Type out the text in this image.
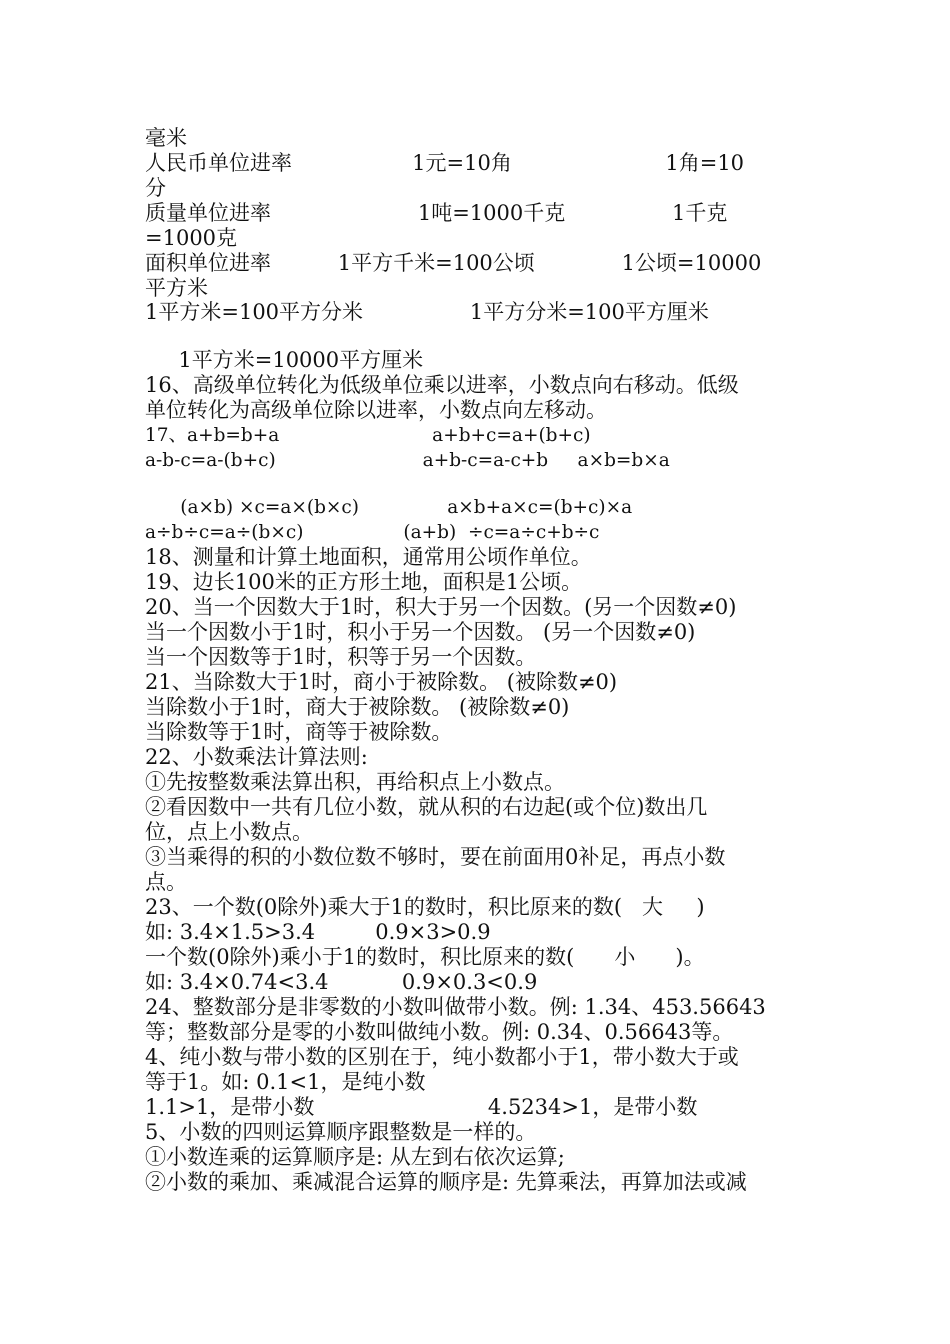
毫米
人民币单位进率                  1元=10角                       1角=10
分
质量单位进率                      1吨=1000千克                1千克
=1000克
面积单位进率          1平方千米=100公顷             1公顷=10000
平方米
1平方米=100平方分米                1平方分米=100平方厘米
1平方米=10000平方厘米
16、高级单位转化为低级单位乘以进率，小数点向右移动。低级
单位转化为高级单位除以进率，小数点向左移动。
17、a+b=b+a                          a+b+c=a+(b+c)
a-b-c=a-(b+c)                         a+b-c=a-c+b     a×b=b×a
(a×b) ×c=a×(b×c)               a×b+a×c=(b+c)×a
a÷b÷c=a÷(b×c)                 (a+b)  ÷c=a÷c+b÷c
18、测量和计算土地面积，通常用公顷作单位。
19、边长100米的正方形土地，面积是1公顷。
20、当一个因数大于1时，积大于另一个因数。(另一个因数≠0)
当一个因数小于1时，积小于另一个因数。 (另一个因数≠0)
当一个因数等于1时，积等于另一个因数。
21、当除数大于1时，商小于被除数。 (被除数≠0)
当除数小于1时，商大于被除数。 (被除数≠0)
当除数等于1时，商等于被除数。
22、小数乘法计算法则:
①先按整数乘法算出积，再给积点上小数点。
②看因数中一共有几位小数，就从积的右边起(或个位)数出几
位，点上小数点。
③当乘得的积的小数位数不够时，要在前面用0补足，再点小数
点。
23、一个数(0除外)乘大于1的数时，积比原来的数(   大     )
如: 3.4×1.5>3.4         0.9×3>0.9
一个数(0除外)乘小于1的数时，积比原来的数(      小      )。
如: 3.4×0.74<3.4           0.9×0.3<0.9
24、整数部分是非零数的小数叫做带小数。例: 1.34、453.56643
等；整数部分是零的小数叫做纯小数。例: 0.34、0.56643等。
4、纯小数与带小数的区别在于，纯小数都小于1，带小数大于或
等于1。如: 0.1<1，是纯小数
1.1>1，是带小数                          4.5234>1，是带小数
5、小数的四则运算顺序跟整数是一样的。
①小数连乘的运算顺序是: 从左到右依次运算;
②小数的乘加、乘减混合运算的顺序是: 先算乘法，再算加法或减
